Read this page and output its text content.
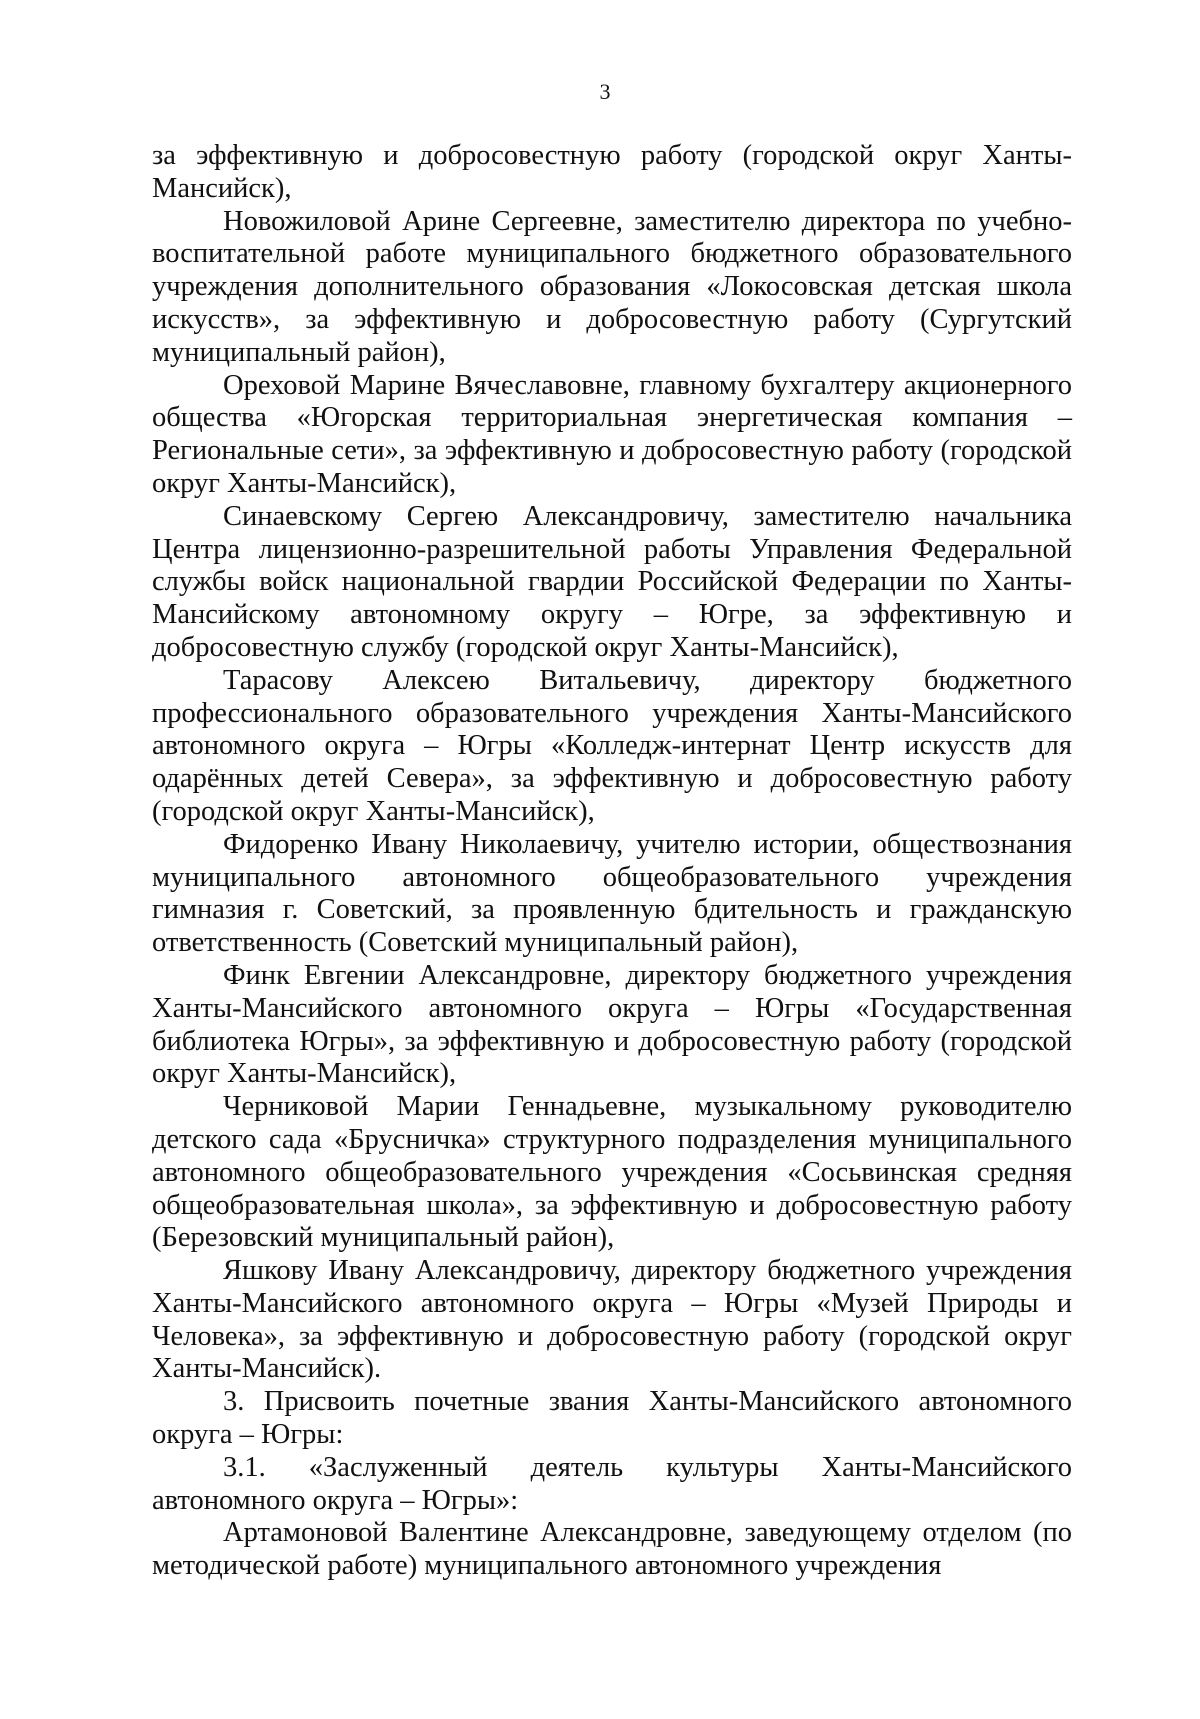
3

за эффективную и добросовестную работу (городской округ Ханты-Мансийск),

Новожиловой Арине Сергеевне, заместителю директора по учебно-воспитательной работе муниципального бюджетного образовательного учреждения дополнительного образования «Локосовская детская школа искусств», за эффективную и добросовестную работу (Сургутский муниципальный район),

Ореховой Марине Вячеславовне, главному бухгалтеру акционерного общества «Югорская территориальная энергетическая компания – Региональные сети», за эффективную и добросовестную работу (городской округ Ханты-Мансийск),

Синаевскому Сергею Александровичу, заместителю начальника Центра лицензионно-разрешительной работы Управления Федеральной службы войск национальной гвардии Российской Федерации по Ханты-Мансийскому автономному округу – Югре, за эффективную и добросовестную службу (городской округ Ханты-Мансийск),

Тарасову Алексею Витальевичу, директору бюджетного профессионального образовательного учреждения Ханты-Мансийского автономного округа – Югры «Колледж-интернат Центр искусств для одарённых детей Севера», за эффективную и добросовестную работу (городской округ Ханты-Мансийск),

Фидоренко Ивану Николаевичу, учителю истории, обществознания муниципального автономного общеобразовательного учреждения гимназия г. Советский, за проявленную бдительность и гражданскую ответственность (Советский муниципальный район),

Финк Евгении Александровне, директору бюджетного учреждения Ханты-Мансийского автономного округа – Югры «Государственная библиотека Югры», за эффективную и добросовестную работу (городской округ Ханты-Мансийск),

Черниковой Марии Геннадьевне, музыкальному руководителю детского сада «Брусничка» структурного подразделения муниципального автономного общеобразовательного учреждения «Сосьвинская средняя общеобразовательная школа», за эффективную и добросовестную работу (Березовский муниципальный район),

Яшкову Ивану Александровичу, директору бюджетного учреждения Ханты-Мансийского автономного округа – Югры «Музей Природы и Человека», за эффективную и добросовестную работу (городской округ Ханты-Мансийск).

3. Присвоить почетные звания Ханты-Мансийского автономного округа – Югры:

3.1. «Заслуженный деятель культуры Ханты-Мансийского автономного округа – Югры»:

Артамоновой Валентине Александровне, заведующему отделом (по методической работе) муниципального автономного учреждения
